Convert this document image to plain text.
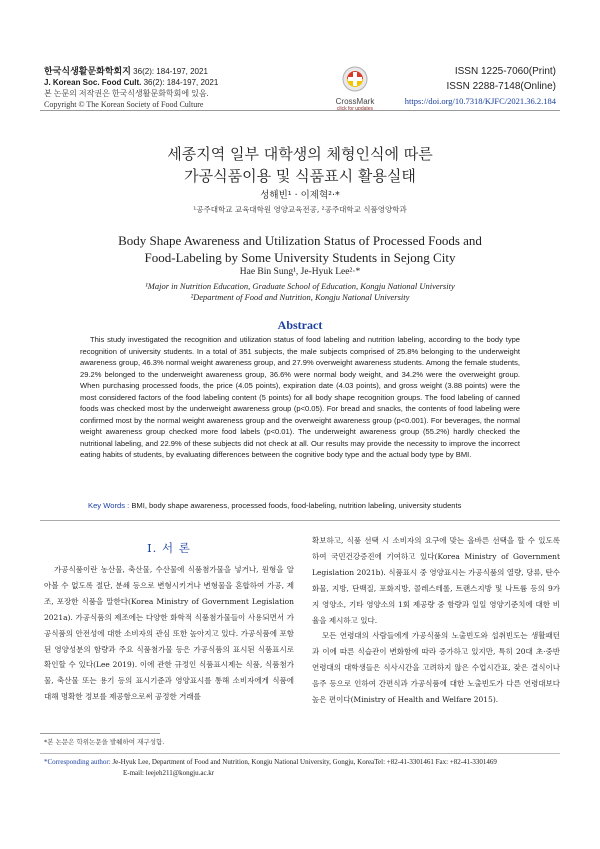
한국식생활문화학회지 36(2): 184-197, 2021
J. Korean Soc. Food Cult. 36(2): 184-197, 2021
본 논문의 저작권은 한국식생활문화학회에 있음.
Copyright © The Korean Society of Food Culture	CrossMark
click for updates
ISSN 1225-7060(Print)
ISSN 2288-7148(Online)
https://doi.org/10.7318/KJFC/2021.36.2.184
세종지역 일부 대학생의 체형인식에 따른
가공식품이용 및 식품표시 활용실태
성해빈¹ · 이제혁²·*
¹공주대학교 교육대학원 영양교육전공, ²공주대학교 식품영양학과
Body Shape Awareness and Utilization Status of Processed Foods and
Food-Labeling by Some University Students in Sejong City
Hae Bin Sung¹, Je-Hyuk Lee²·*
¹Major in Nutrition Education, Graduate School of Education, Kongju National University
²Department of Food and Nutrition, Kongju National University
Abstract

This study investigated the recognition and utilization status of food labeling and nutrition labeling, according to the body type recognition of university students. In a total of 351 subjects, the male subjects comprised of 25.8% belonging to the underweight awareness group, 46.3% normal weight awareness group, and 27.9% overweight awareness students. Among the female students, 29.2% belonged to the underweight awareness group, 36.6% were normal body weight, and 34.2% were the overweight group. When purchasing processed foods, the price (4.05 points), expiration date (4.03 points), and gross weight (3.88 points) were the most considered factors of the food labeling content (5 points) for all body shape recognition groups. The food labeling of canned foods was checked most by the underweight awareness group (p<0.05). For bread and snacks, the contents of food labeling were confirmed most by the normal weight awareness group and the overweight awareness group (p<0.001). For beverages, the normal weight awareness group checked more food labels (p<0.01). The underweight awareness group (55.2%) hardly checked the nutritional labeling, and 22.9% of these subjects did not check at all. Our results may provide the necessity to improve the incorrect eating habits of students, by evaluating differences between the cognitive body type and the actual body type by BMI.

Key Words : BMI, body shape awareness, processed foods, food-labeling, nutrition labeling, university students
Ⅰ. 서 론

가공식품이란 농산물, 축산물, 수산물에 식품첨가물을 넣거나, 원형을 알아볼 수 없도록 절단, 분쇄 등으로 변형시키거나 변형물을 혼합하여 가공, 제조, 포장한 식품을 말한다(Korea Ministry of Government Legislation 2021a). 가공식품의 제조에는 다양한 화학적 식품첨가물들이 사용되면서 가공식품의 안전성에 대한 소비자의 관심 또한 높아지고 있다. 가공식품에 포함된 영양성분의 함량과 주요 식품첨가물 등은 가공식품의 표시된 식품표시로 확인할 수 있다(Lee 2019). 이에 관한 규정인 식품표시제는 식품, 식품첨가물, 축산물 또는 용기 등의 표시기준과 영양표시를 통해 소비자에게 식품에 대해 명확한 정보를 제공함으로써 공정한 거래를

확보하고, 식품 선택 시 소비자의 요구에 맞는 올바른 선택을 할 수 있도록 하여 국민건강증진에 기여하고 있다(Korea Ministry of Government Legislation 2021b). 식품표시 중 영양표시는 가공식품의 열량, 당류, 탄수화물, 지방, 단백질, 포화지방, 콜레스테롤, 트랜스지방 및 나트륨 등의 9가지 영양소, 기타 영양소의 1회 제공량 중 함량과 일일 영양기준치에 대한 비율을 제시하고 있다.

모든 연령대의 사람들에게 가공식품의 노출빈도와 섭취빈도는 생활패턴과 이에 따른 식습관이 변화함에 따라 증가하고 있지만, 특히 20대 초·중반 연령대의 대학생들은 식사시간을 고려하지 않은 수업시간표, 잦은 결식이나 음주 등으로 인하여 간편식과 가공식품에 대한 노출빈도가 다른 연령대보다 높은 편이다(Ministry of Health and Welfare 2015).

*본 논문은 학위논문을 발췌하여 재구성함.
*Corresponding author: Je-Hyuk Lee, Department of Food and Nutrition, Kongju National University, Gongju, KoreaTel: +82-41-3301461 Fax: +82-41-3301469
E-mail: leejeh211@kongju.ac.kr
